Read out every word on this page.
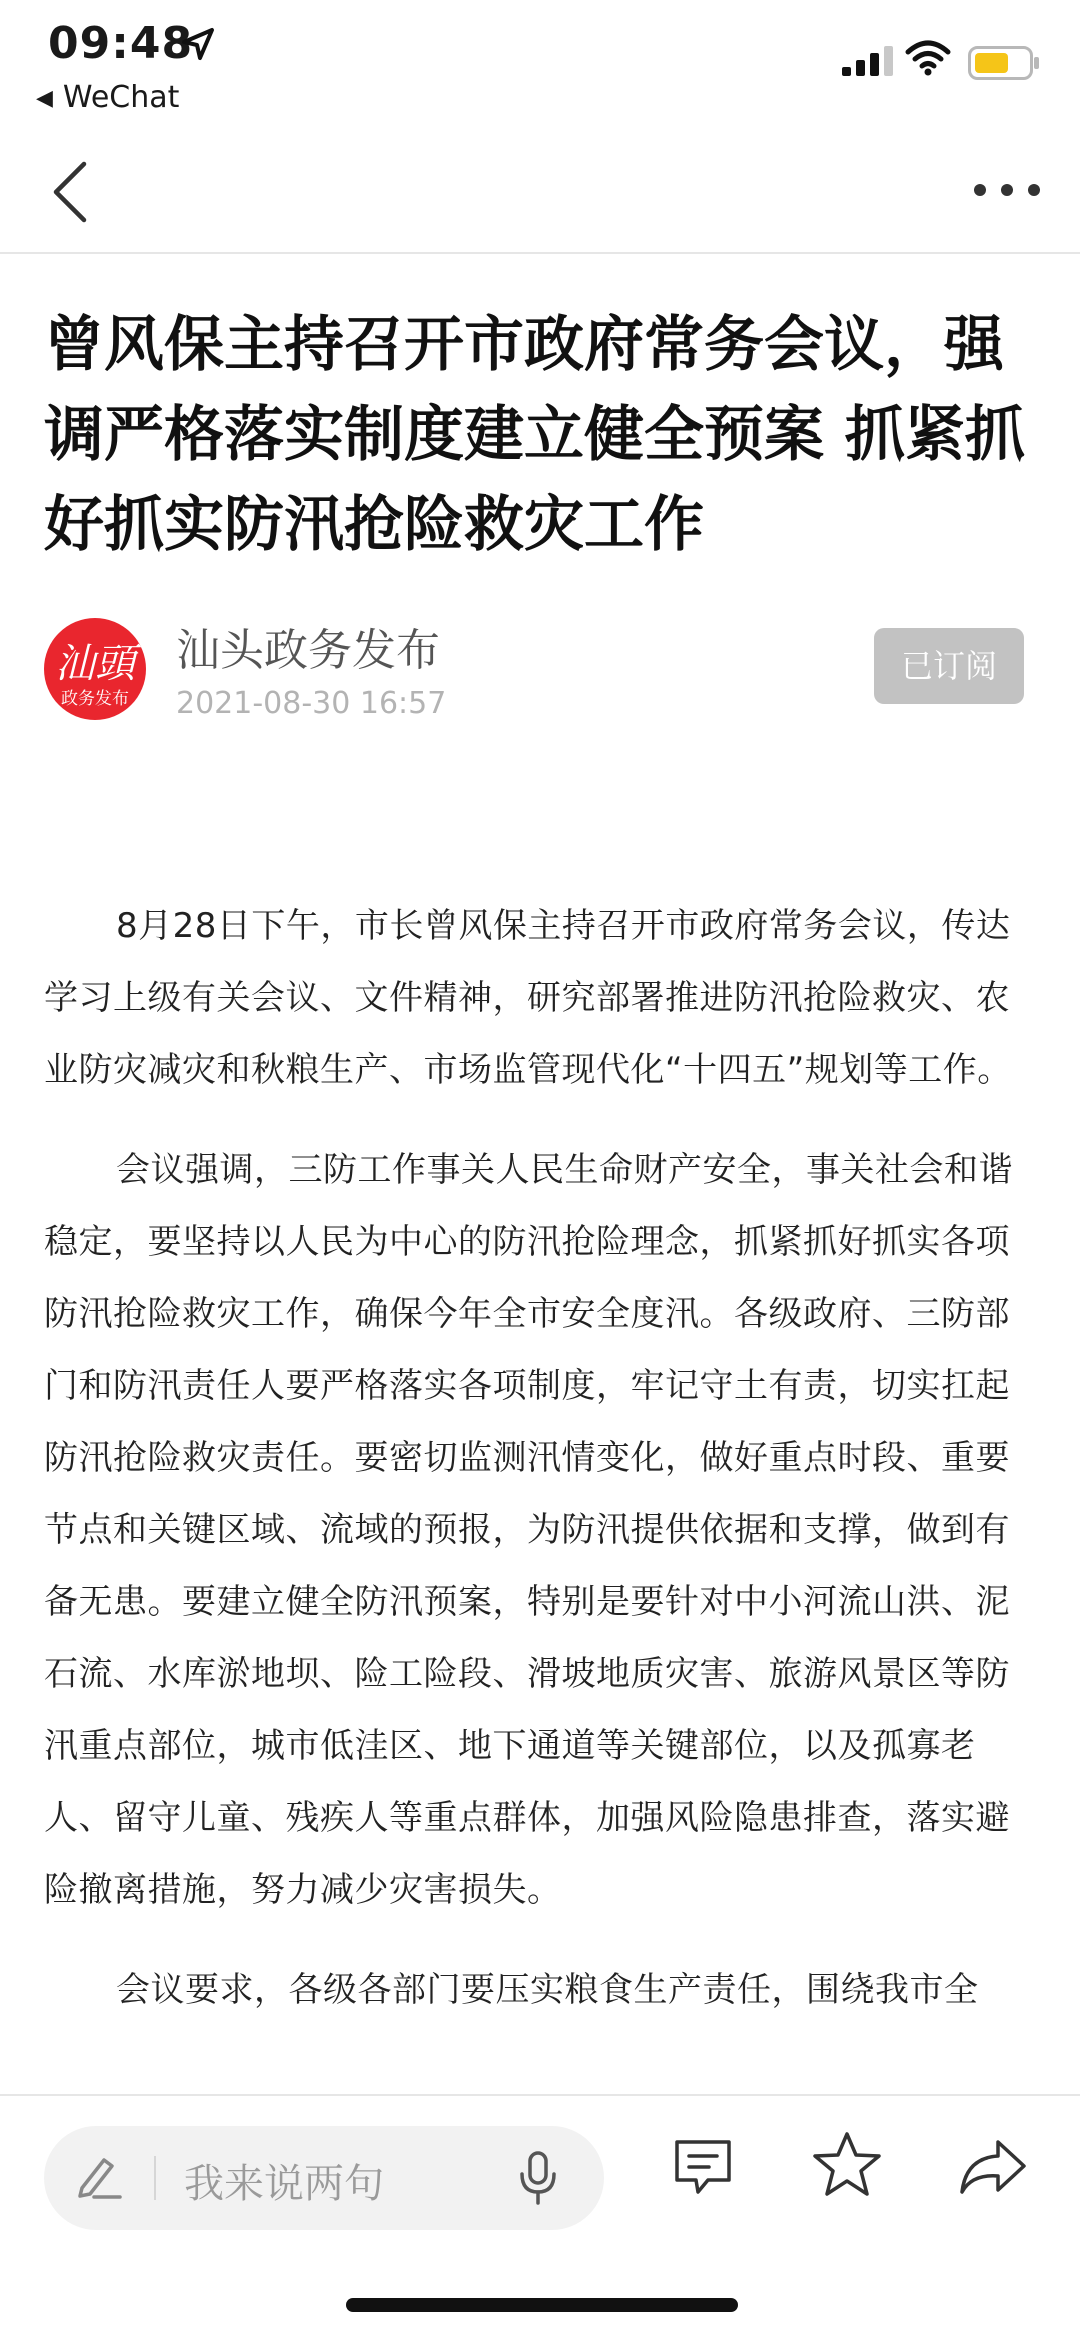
09:48
◀ WeChat
曾风保主持召开市政府常务会议，强调严格落实制度建立健全预案 抓紧抓好抓实防汛抢险救灾工作
汕頭
政务发布
汕头政务发布
2021-08-30 16:57
已订阅

8月28日下午，市长曾风保主持召开市政府常务会议，传达学习上级有关会议、文件精神，研究部署推进防汛抢险救灾、农业防灾减灾和秋粮生产、市场监管现代化“十四五”规划等工作。

会议强调，三防工作事关人民生命财产安全，事关社会和谐稳定，要坚持以人民为中心的防汛抢险理念，抓紧抓好抓实各项防汛抢险救灾工作，确保今年全市安全度汛。各级政府、三防部门和防汛责任人要严格落实各项制度，牢记守土有责，切实扛起防汛抢险救灾责任。要密切监测汛情变化，做好重点时段、重要节点和关键区域、流域的预报，为防汛提供依据和支撑，做到有备无患。要建立健全防汛预案，特别是要针对中小河流山洪、泥石流、水库淤地坝、险工险段、滑坡地质灾害、旅游风景区等防汛重点部位，城市低洼区、地下通道等关键部位，以及孤寡老人、留守儿童、残疾人等重点群体，加强风险隐患排查，落实避险撤离措施，努力减少灾害损失。

会议要求，各级各部门要压实粮食生产责任，围绕我市全

我来说两句
